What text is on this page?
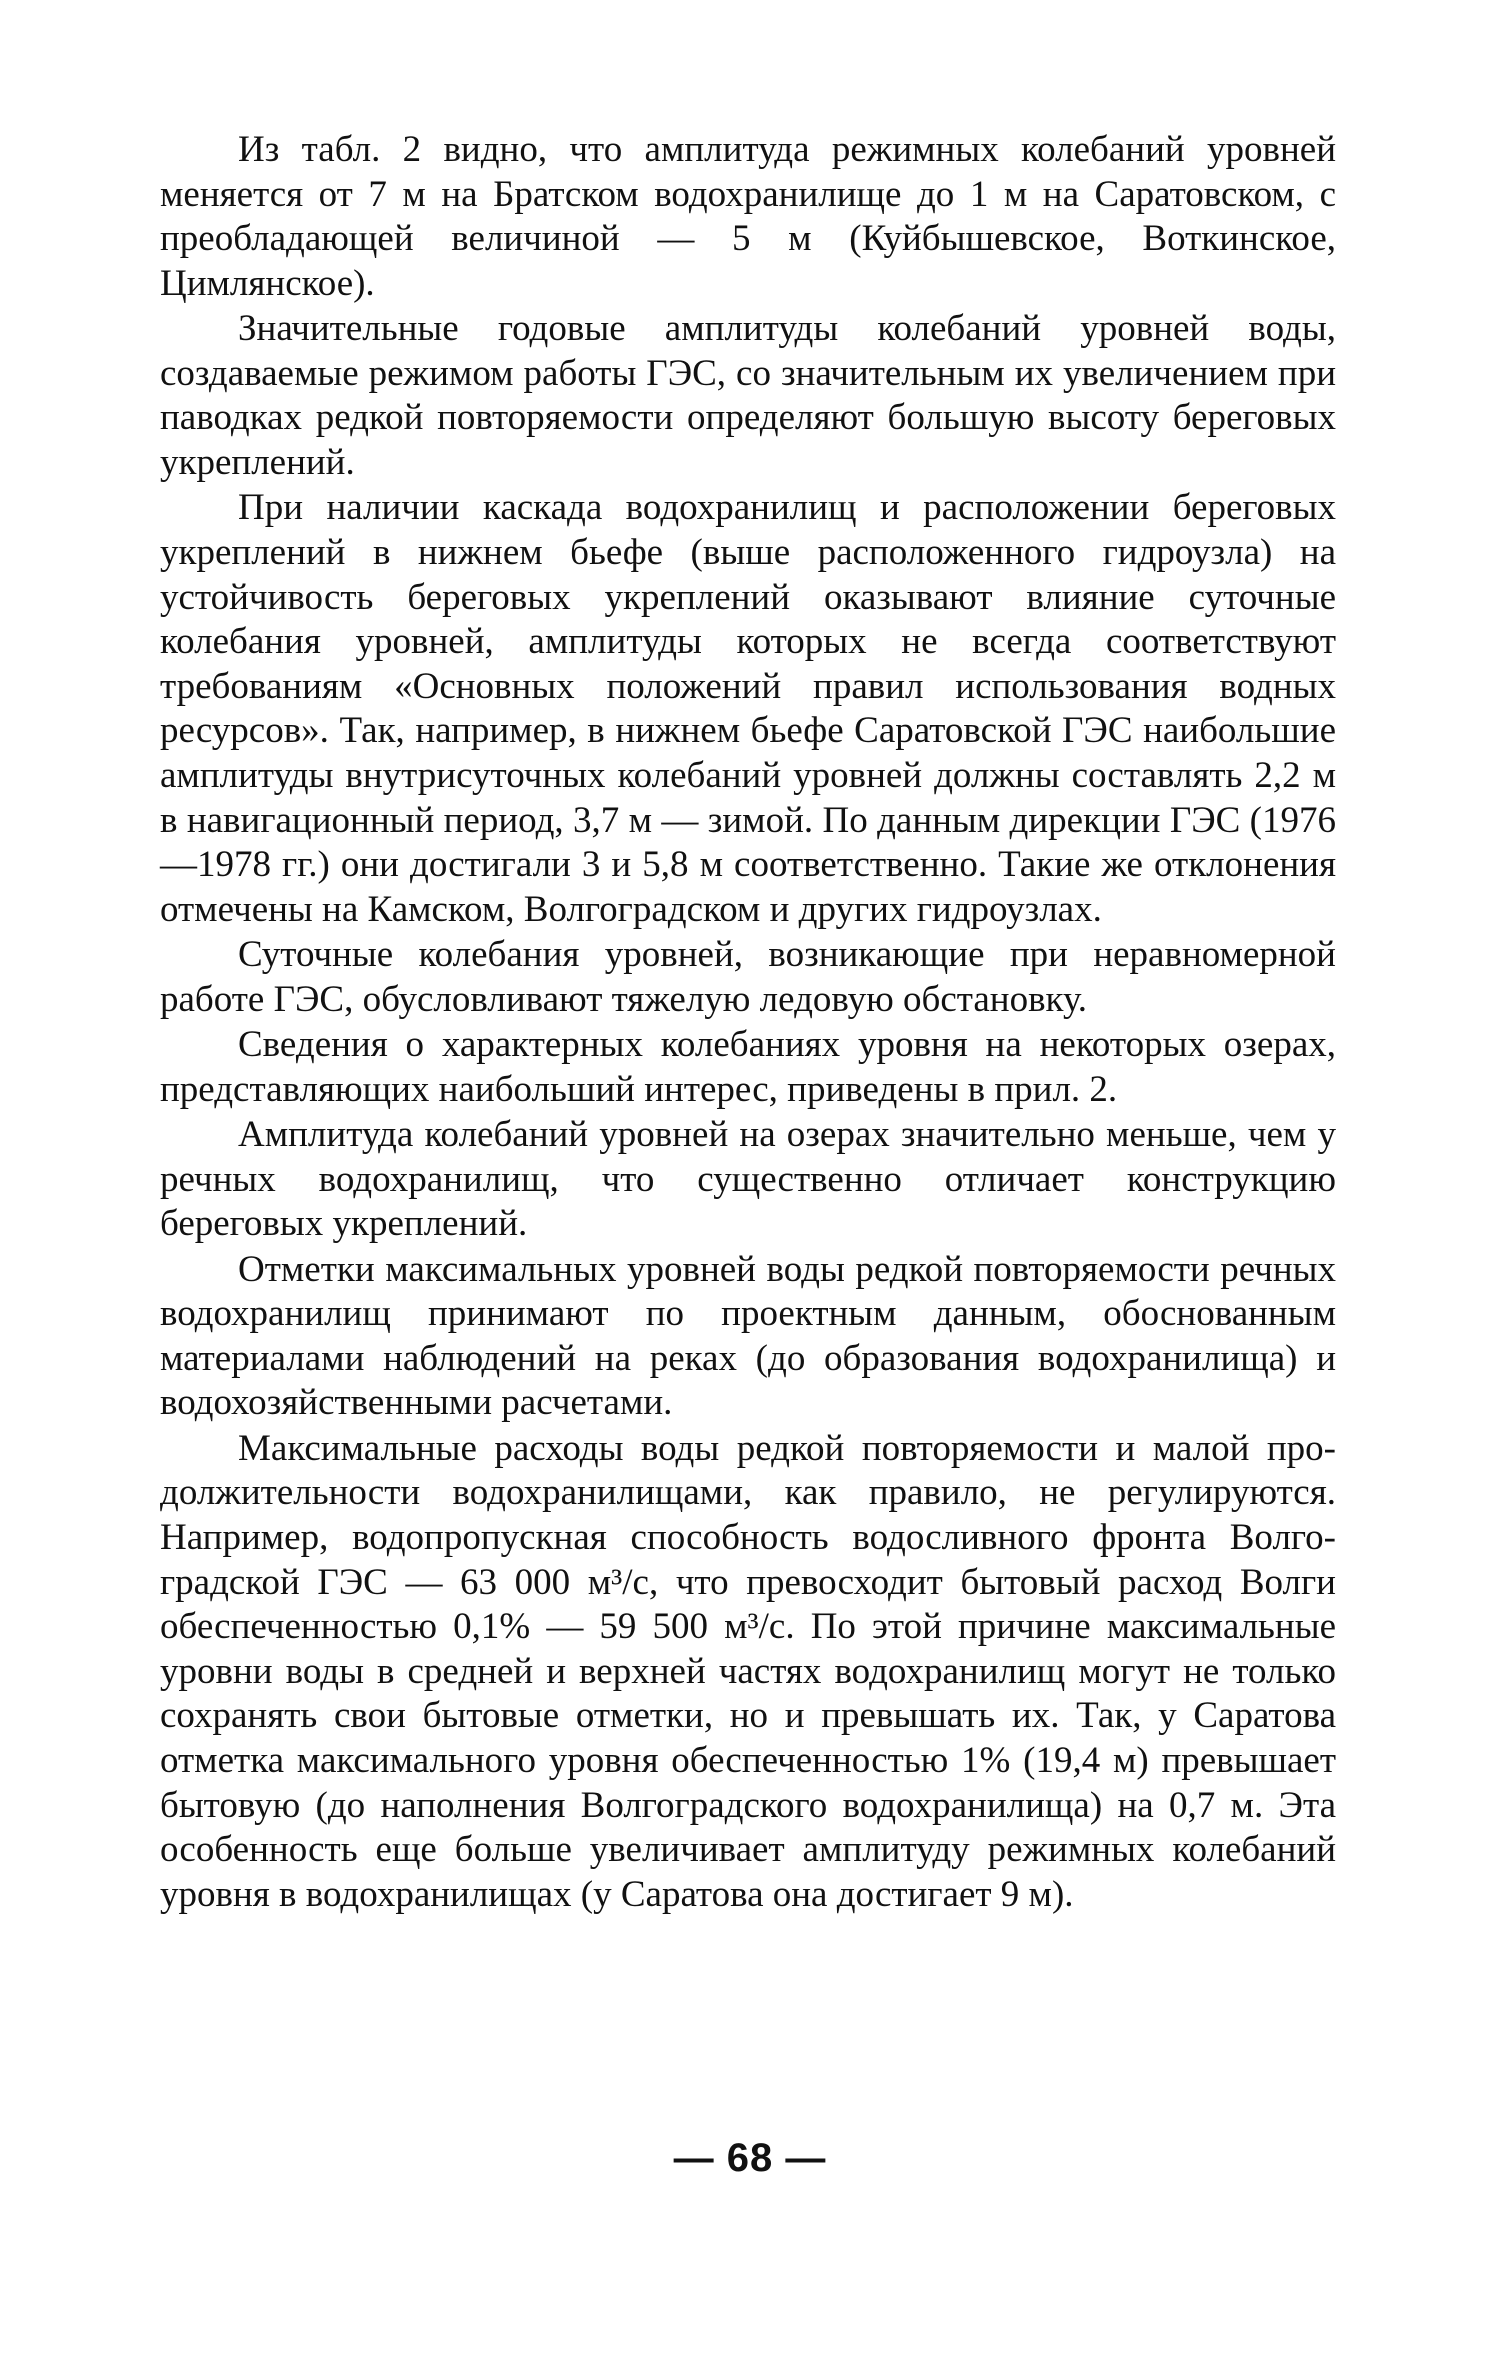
Из табл. 2 видно, что амплитуда режимных колебаний уровней меняется от 7 м на Братском водохранилище до 1 м на Саратовском, с преобладающей величиной — 5 м (Куйбышевское, Воткинское, Цимлянское).

Значительные годовые амплитуды колебаний уровней воды, создаваемые режимом работы ГЭС, со значительным их увеличением при паводках редкой повторяемости определяют большую высоту береговых укреплений.

При наличии каскада водохранилищ и расположении береговых укреплений в нижнем бьефе (выше расположенного гидроузла) на устойчивость береговых укреплений оказывают влияние суточные колебания уровней, амплитуды которых не всегда соответствуют требованиям «Основных положений правил использования водных ресурсов». Так, например, в нижнем бьефе Саратовской ГЭС наибольшие амплитуды внутрисуточных колебаний уровней должны составлять 2,2 м в навигационный период, 3,7 м — зимой. По данным дирекции ГЭС (1976—1978 гг.) они достигали 3 и 5,8 м соответственно. Такие же отклонения отмечены на Камском, Волгоградском и других гидроузлах.

Суточные колебания уровней, возникающие при неравномерной работе ГЭС, обусловливают тяжелую ледовую обстановку.

Сведения о характерных колебаниях уровня на некоторых озерах, представляющих наибольший интерес, приведены в прил. 2.

Амплитуда колебаний уровней на озерах значительно меньше, чем у речных водохранилищ, что существенно отличает конструкцию береговых укреплений.

Отметки максимальных уровней воды редкой повторяемости речных водохранилищ принимают по проектным данным, обоснованным материалами наблюдений на реках (до образования водохранилища) и водохозяйственными расчетами.

Максимальные расходы воды редкой повторяемости и малой продолжительности водохранилищами, как правило, не регулируются. Например, водопропускная способность водосливного фронта Волгоградской ГЭС — 63 000 м³/с, что превосходит бытовый расход Волги обеспеченностью 0,1% — 59 500 м³/с. По этой причине максимальные уровни воды в средней и верхней частях водохранилищ могут не только сохранять свои бытовые отметки, но и превышать их. Так, у Саратова отметка максимального уровня обеспеченностью 1% (19,4 м) превышает бытовую (до наполнения Волгоградского водохранилища) на 0,7 м. Эта особенность еще больше увеличивает амплитуду режимных колебаний уровня в водохранилищах (у Саратова она достигает 9 м).

— 68 —
